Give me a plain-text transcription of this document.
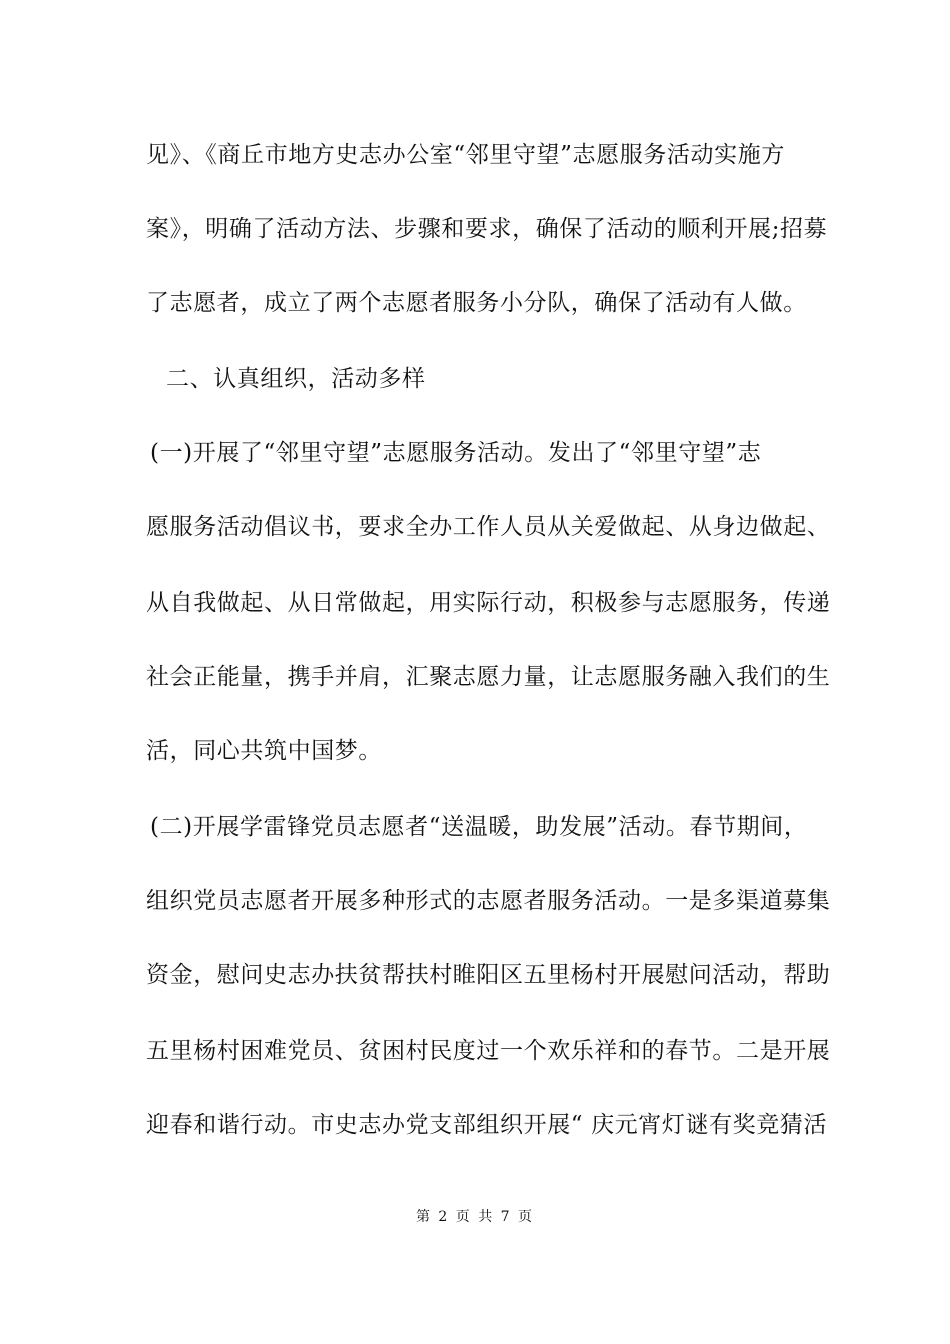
见》、《商丘市地方史志办公室“邻里守望”志愿服务活动实施方
案》，明确了活动方法、步骤和要求，确保了活动的顺利开展;招募
了志愿者，成立了两个志愿者服务小分队，确保了活动有人做。
二、认真组织，活动多样
(一)开展了“邻里守望”志愿服务活动。发出了“邻里守望”志
愿服务活动倡议书，要求全办工作人员从关爱做起、从身边做起、
从自我做起、从日常做起，用实际行动，积极参与志愿服务，传递
社会正能量，携手并肩，汇聚志愿力量，让志愿服务融入我们的生
活，同心共筑中国梦。
(二)开展学雷锋党员志愿者“送温暖，助发展”活动。春节期间，
组织党员志愿者开展多种形式的志愿者服务活动。一是多渠道募集
资金，慰问史志办扶贫帮扶村睢阳区五里杨村开展慰问活动，帮助
五里杨村困难党员、贫困村民度过一个欢乐祥和的春节。二是开展
迎春和谐行动。市史志办党支部组织开展“ 庆元宵灯谜有奖竞猜活
第 2 页 共 7 页
